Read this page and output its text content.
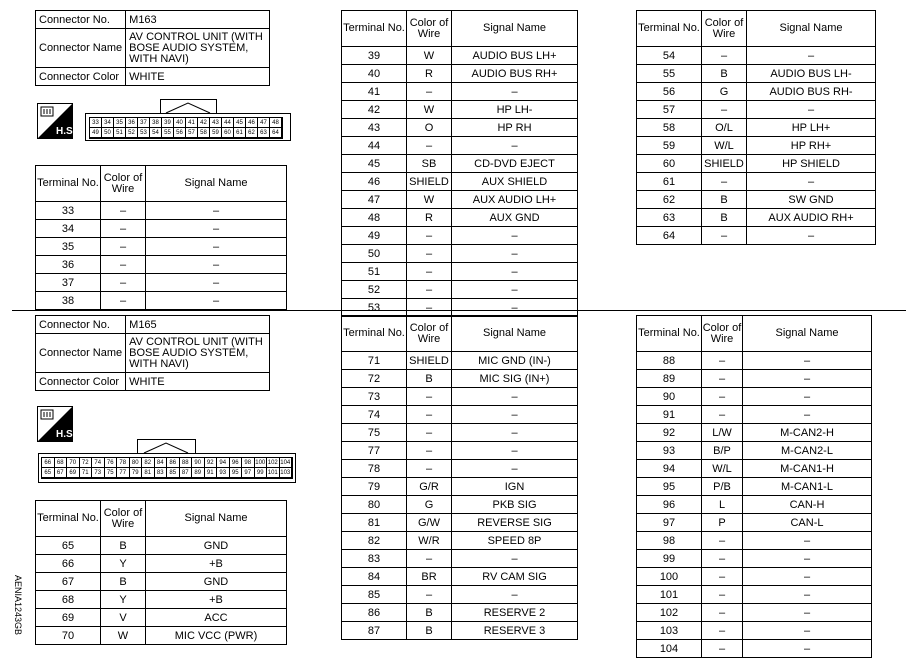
Connector No.	M163
Connector Name	AV CONTROL UNIT (WITH BOSE AUDIO SYSTEM, WITH NAVI)
Connector Color	WHITE
Connector No.	M165
Connector Name	AV CONTROL UNIT (WITH BOSE AUDIO SYSTEM, WITH NAVI)
Connector Color	WHITE
H.S.
H.S.
33 34 35 36 37 38 39 40 41 42 43 44 45 46 47 48
49 50 51 52 53 54 55 56 57 58 59 60 61 62 63 64
66 68 70 72 74 76 78 80 82 84 86 88 90 92 94 96 98 100 102 104
65 67 69 71 73 75 77 79 81 83 85 87 89 91 93 95 97 99 101 103
Terminal No.	Color of Wire	Signal Name
33	–	–
34	–	–
35	–	–
36	–	–
37	–	–
38	–	–
Terminal No.	Color of Wire	Signal Name
39	W	AUDIO BUS LH+
40	R	AUDIO BUS RH+
41	–	–
42	W	HP LH-
43	O	HP RH
44	–	–
45	SB	CD-DVD EJECT
46	SHIELD	AUX SHIELD
47	W	AUX AUDIO LH+
48	R	AUX GND
49	–	–
50	–	–
51	–	–
52	–	–
53	–	–
Terminal No.	Color of Wire	Signal Name
54	–	–
55	B	AUDIO BUS LH-
56	G	AUDIO BUS RH-
57	–	–
58	O/L	HP LH+
59	W/L	HP RH+
60	SHIELD	HP SHIELD
61	–	–
62	B	SW GND
63	B	AUX AUDIO RH+
64	–	–
Terminal No.	Color of Wire	Signal Name
65	B	GND
66	Y	+B
67	B	GND
68	Y	+B
69	V	ACC
70	W	MIC VCC (PWR)
Terminal No.	Color of Wire	Signal Name
71	SHIELD	MIC GND (IN-)
72	B	MIC SIG (IN+)
73	–	–
74	–	–
75	–	–
77	–	–
78	–	–
79	G/R	IGN
80	G	PKB SIG
81	G/W	REVERSE SIG
82	W/R	SPEED 8P
83	–	–
84	BR	RV CAM SIG
85	–	–
86	B	RESERVE 2
87	B	RESERVE 3
Terminal No.	Color of Wire	Signal Name
88	–	–
89	–	–
90	–	–
91	–	–
92	L/W	M-CAN2-H
93	B/P	M-CAN2-L
94	W/L	M-CAN1-H
95	P/B	M-CAN1-L
96	L	CAN-H
97	P	CAN-L
98	–	–
99	–	–
100	–	–
101	–	–
102	–	–
103	–	–
104	–	–
AENIA1243GB
